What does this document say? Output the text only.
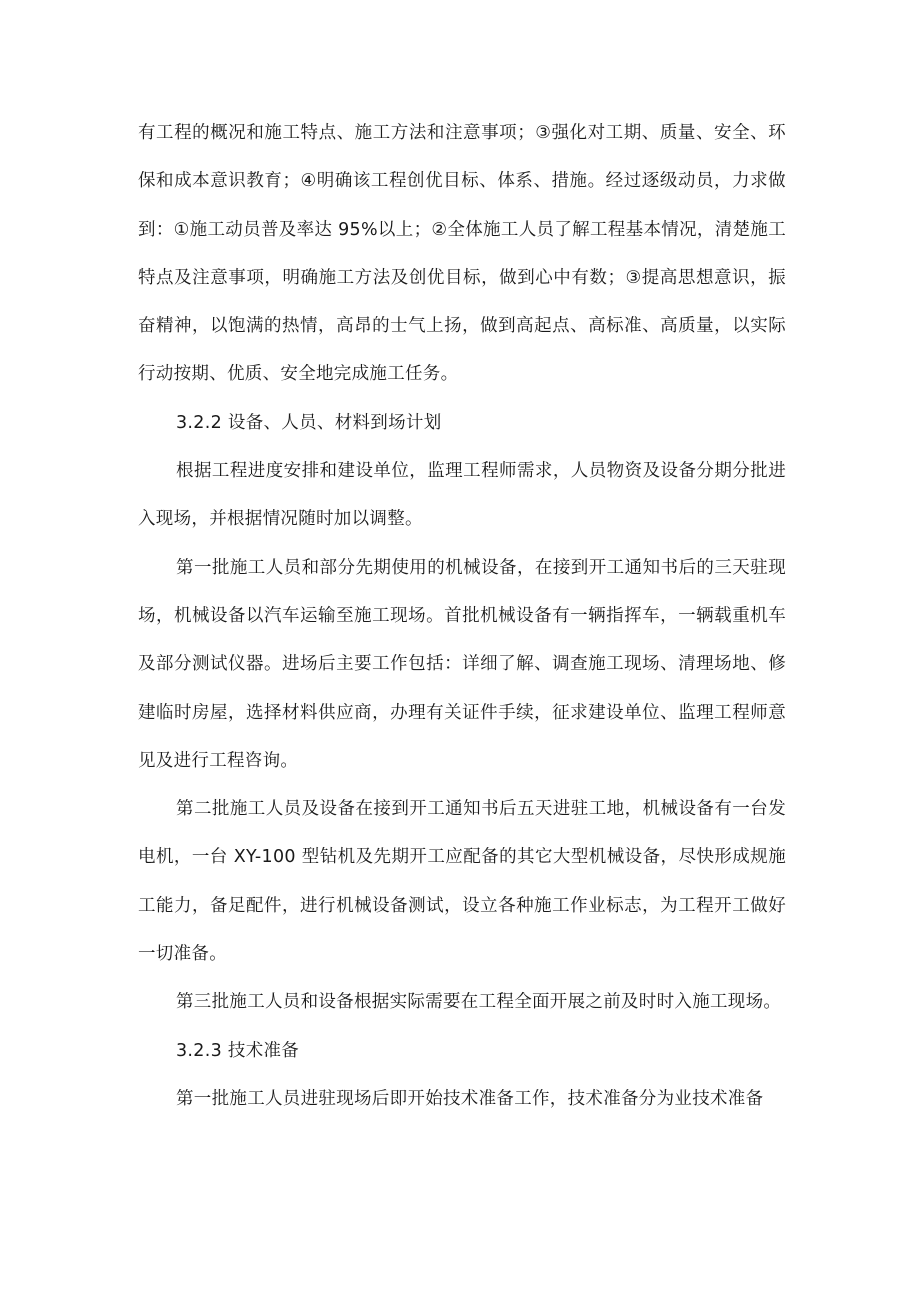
有工程的概况和施工特点、施工方法和注意事项；③强化对工期、质量、安全、环保和成本意识教育；④明确该工程创优目标、体系、措施。经过逐级动员，力求做到：①施工动员普及率达 95%以上；②全体施工人员了解工程基本情况，清楚施工特点及注意事项，明确施工方法及创优目标，做到心中有数；③提高思想意识，振奋精神，以饱满的热情，高昂的士气上扬，做到高起点、高标准、高质量，以实际行动按期、优质、安全地完成施工任务。

3.2.2 设备、人员、材料到场计划

根据工程进度安排和建设单位，监理工程师需求，人员物资及设备分期分批进入现场，并根据情况随时加以调整。

第一批施工人员和部分先期使用的机械设备，在接到开工通知书后的三天驻现场，机械设备以汽车运输至施工现场。首批机械设备有一辆指挥车，一辆载重机车及部分测试仪器。进场后主要工作包括：详细了解、调查施工现场、清理场地、修建临时房屋，选择材料供应商，办理有关证件手续，征求建设单位、监理工程师意见及进行工程咨询。

第二批施工人员及设备在接到开工通知书后五天进驻工地，机械设备有一台发电机，一台 XY-100 型钻机及先期开工应配备的其它大型机械设备，尽快形成规施工能力，备足配件，进行机械设备测试，设立各种施工作业标志，为工程开工做好一切准备。

第三批施工人员和设备根据实际需要在工程全面开展之前及时时入施工现场。

3.2.3 技术准备

第一批施工人员进驻现场后即开始技术准备工作，技术准备分为业技术准备
